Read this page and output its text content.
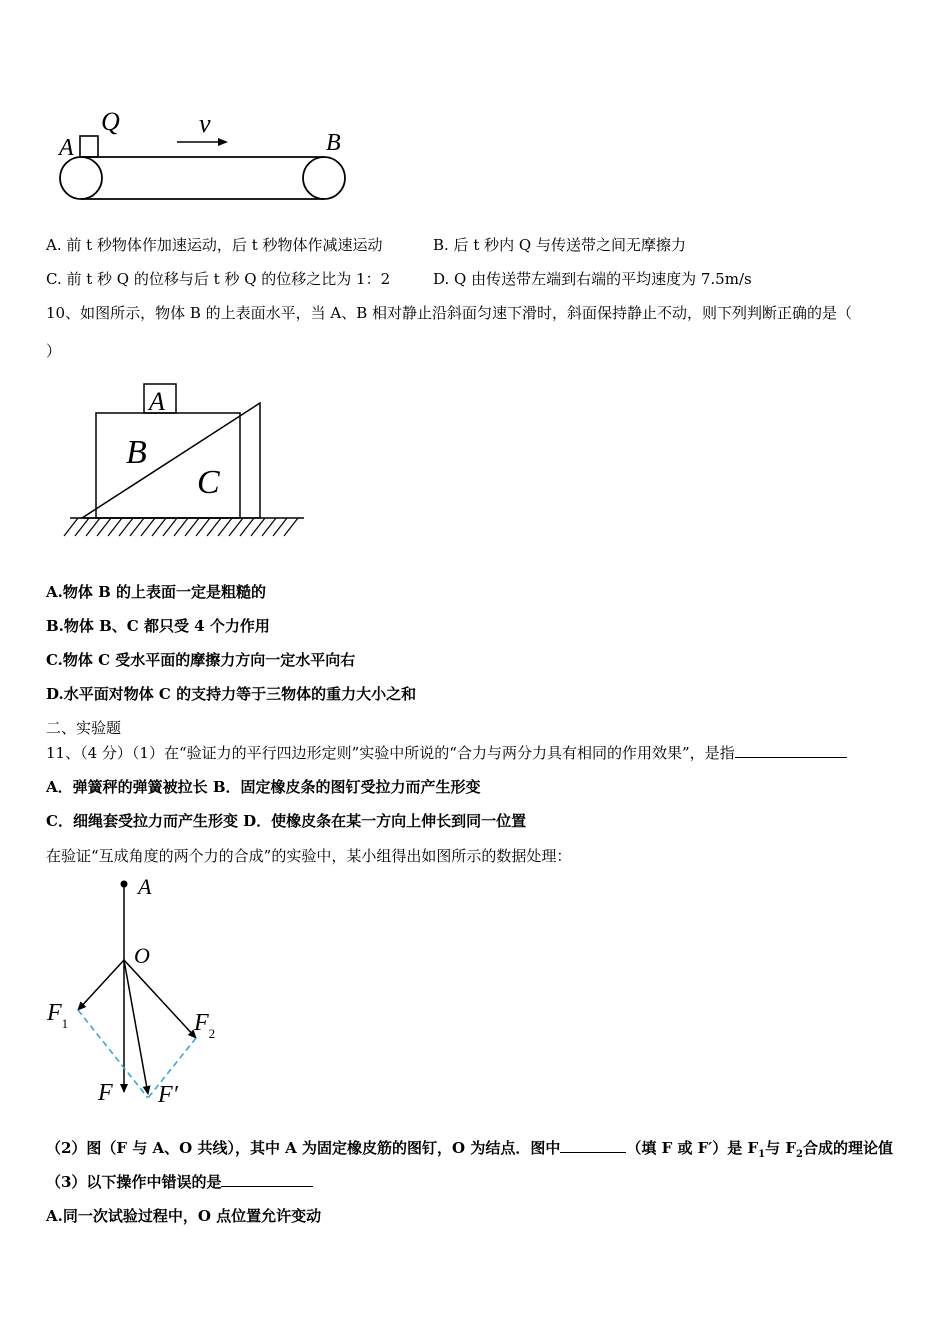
A
Q	v
B
A. 前 t 秒物体作加速运动，后 t 秒物体作减速运动	B. 后 t 秒内 Q 与传送带之间无摩擦力
C. 前 t 秒 Q 的位移与后 t 秒 Q 的位移之比为 1：2	D. Q 由传送带左端到右端的平均速度为 7.5m/s
10、如图所示，物体 B 的上表面水平，当 A、B 相对静止沿斜面匀速下滑时，斜面保持静止不动，则下列判断正确的是（
）
A
B
C
A.物体 B 的上表面一定是粗糙的
B.物体 B、C 都只受 4 个力作用
C.物体 C 受水平面的摩擦力方向一定水平向右
D.水平面对物体 C 的支持力等于三物体的重力大小之和
二、实验题
11、（4 分）（1）在“验证力的平行四边形定则”实验中所说的“合力与两分力具有相同的作用效果”，是指
A．弹簧秤的弹簧被拉长 B．固定橡皮条的图钉受拉力而产生形变
C．细绳套受拉力而产生形变 D．使橡皮条在某一方向上伸长到同一位置
在验证“互成角度的两个力的合成”的实验中，某小组得出如图所示的数据处理：
A
O
$F_1$	$F_2$
F F′
（2）图（F 与 A、O 共线），其中 A 为固定橡皮筋的图钉，O 为结点．图中	（填 F 或 F′）是 $F_1$与 $F_2$合成的理论值
（3）以下操作中错误的是
A.同一次试验过程中，O 点位置允许变动
